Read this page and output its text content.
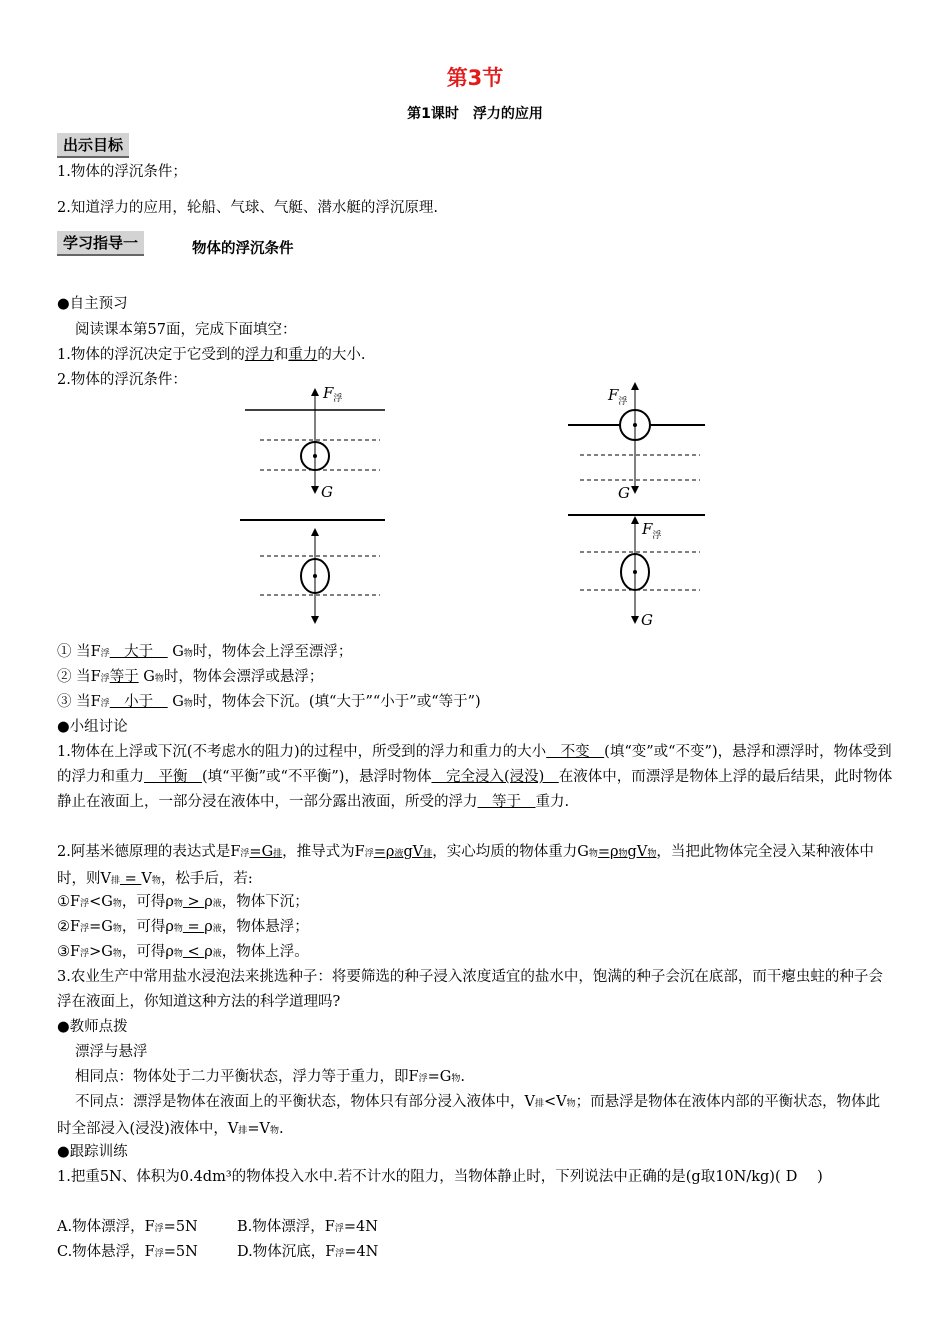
第3节
第1课时　浮力的应用
出示目标
1.物体的浮沉条件；
2.知道浮力的应用，轮船、气球、气艇、潜水艇的浮沉原理.
学习指导一	物体的浮沉条件
● 自主预习
阅读课本第57面，完成下面填空：
1.物体的浮沉决定于它受到的浮力和重力的大小.
2.物体的浮沉条件：
$F_浮$
G
$F_浮$
G
$F_浮$
G
① 当F浮　大于　 G物时，物体会上浮至漂浮；
② 当F浮等于 G物时，物体会漂浮或悬浮；
③ 当F浮　小于　 G物时，物体会下沉。(填“大于”“小于”或“等于”)
● 小组讨论
1.物体在上浮或下沉(不考虑水的阻力)的过程中，所受到的浮力和重力的大小　不变　(填“变”或“不变”)，悬浮和漂浮时，物体受到的浮力和重力　平衡　(填“平衡”或“不平衡”)，悬浮时物体　完全浸入(浸没)　在液体中，而漂浮是物体上浮的最后结果，此时物体静止在液面上，一部分浸在液体中，一部分露出液面，所受的浮力　等于　重力.
2.阿基米德原理的表达式是F浮=G排，推导式为F浮=ρ液gV排，实心均质的物体重力G物=ρ物gV物，当把此物体完全浸入某种液体中时，则V排 = V物，松手后，若:
①F浮<G物，可得ρ物 > ρ液，物体下沉；
②F浮=G物，可得ρ物 = ρ液，物体悬浮；
③F浮>G物，可得ρ物 < ρ液，物体上浮。
3.农业生产中常用盐水浸泡法来挑选种子：将要筛选的种子浸入浓度适宜的盐水中，饱满的种子会沉在底部，而干瘪虫蛀的种子会浮在液面上，你知道这种方法的科学道理吗?
● 教师点拨
漂浮与悬浮
相同点：物体处于二力平衡状态，浮力等于重力，即F浮=G物.
不同点：漂浮是物体在液面上的平衡状态，物体只有部分浸入液体中，V排<V物；而悬浮是物体在液体内部的平衡状态，物体此时全部浸入(浸没)液体中，V排=V物.
● 跟踪训练
1.把重5N、体积为0.4dm³的物体投入水中.若不计水的阻力，当物体静止时，下列说法中正确的是(g取10N/kg)( D　)
A.物体漂浮，F浮=5N	B.物体漂浮，F浮=4N
C.物体悬浮，F浮=5N	D.物体沉底，F浮=4N
